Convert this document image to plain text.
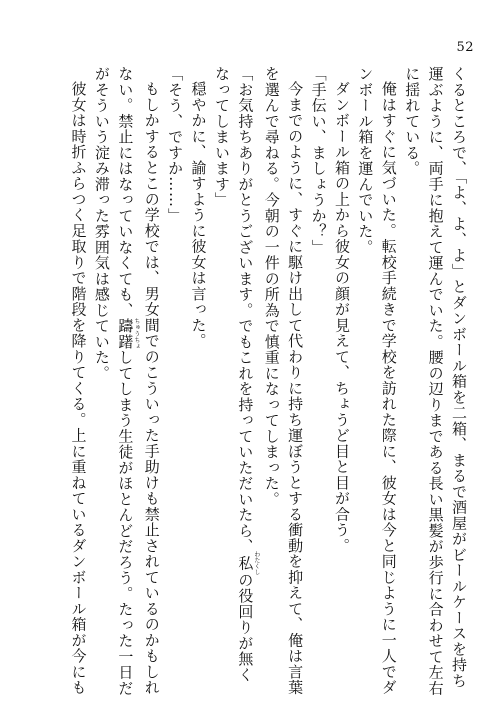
52

くるところで、「よ、よ、よ」とダンボール箱を二箱、まるで酒屋がビールケースを持ち

運ぶように、両手に抱えて運んでいた。腰の辺りまである長い黒髪が歩行に合わせて左右

に揺れている。

俺はすぐに気づいた。転校手続きで学校を訪れた際に、彼女は今と同じように一人でダ

ンボール箱を運んでいた。

ダンボール箱の上から彼女の顔が見えて、ちょうど目と目が合う。

「手伝い、ましょうか？」

今までのように、すぐに駆け出して代わりに持ち運ぼうとする衝動を抑えて、俺は言葉

を選んで尋ねる。今朝の一件の所為で慎重になってしまった。

「お気持ちありがとうございます。でもこれを持っていただいたら、私わたくしの役回りが無く

なってしまいます」

穏やかに、諭すように彼女は言った。

「そう、ですか……」

もしかするとこの学校では、男女間でのこういった手助けも禁止されているのかもしれ

ない。禁止にはなっていなくても、躊躇ちゅうちょしてしまう生徒がほとんどだろう。たった一日だ

がそういう淀み滞った雰囲気は感じていた。

彼女は時折ふらつく足取りで階段を降りてくる。上に重ねているダンボール箱が今にも
